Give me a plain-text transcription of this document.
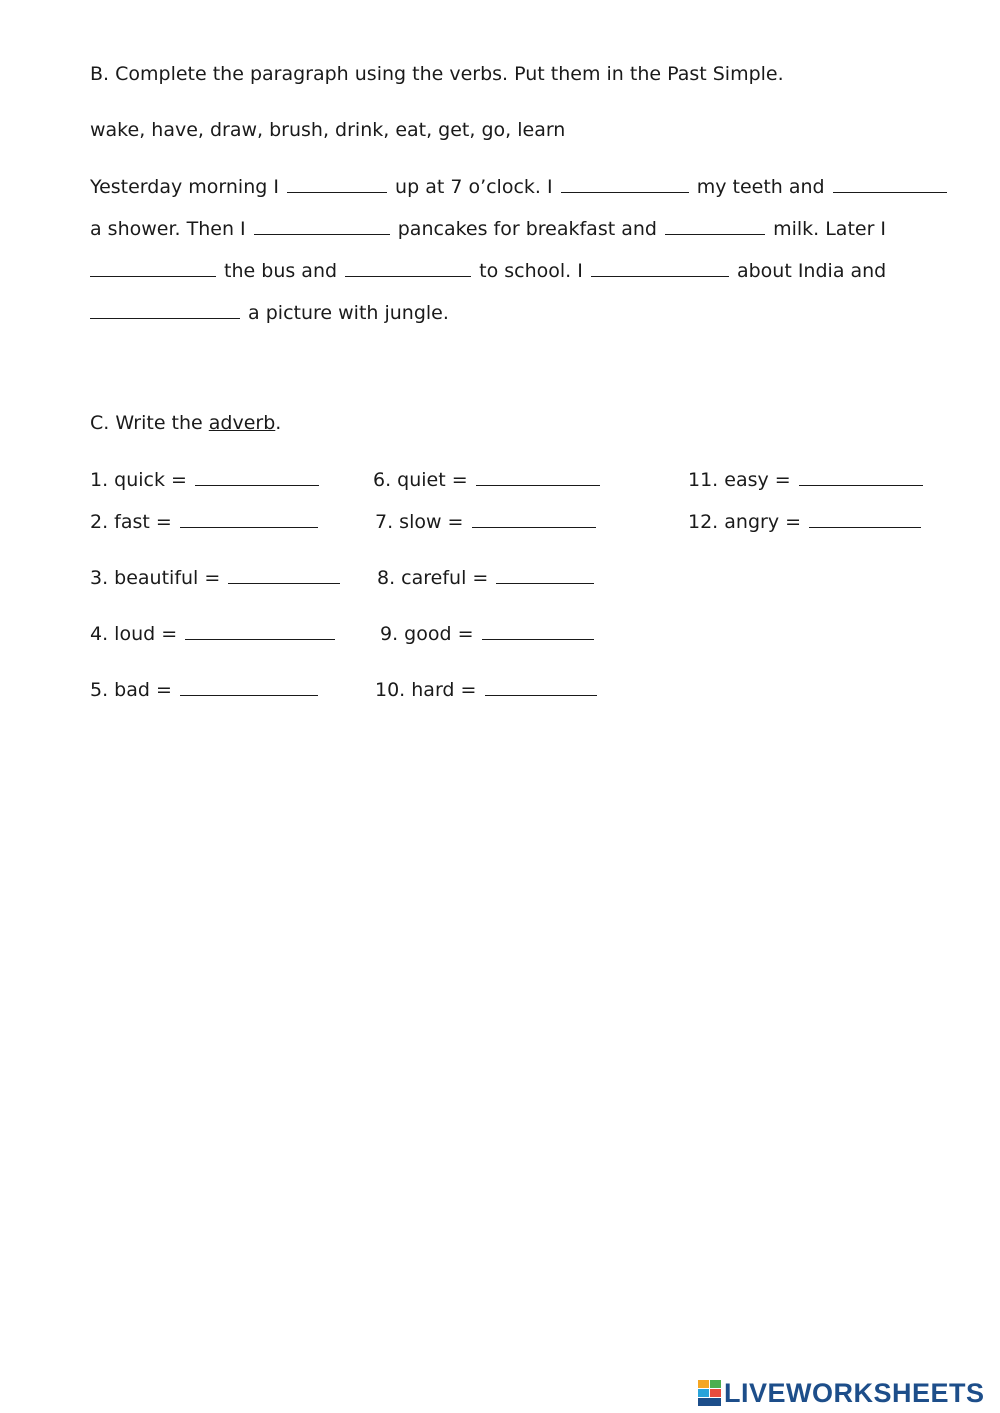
B. Complete the paragraph using the verbs. Put them in the Past Simple.
wake, have, draw, brush, drink, eat, get, go, learn
Yesterday morning I	up at 7 o’clock. I	my teeth and
a shower. Then I	pancakes for breakfast and	milk. Later I
the bus and	to school. I	about India and
a picture with jungle.
C. Write the adverb.
1. quick =
2. fast =
3. beautiful =
4. loud =
5. bad =
6. quiet =
7. slow =
8. careful =
9. good =
10. hard =
11. easy =
12. angry =
LIVEWORKSHEETS
